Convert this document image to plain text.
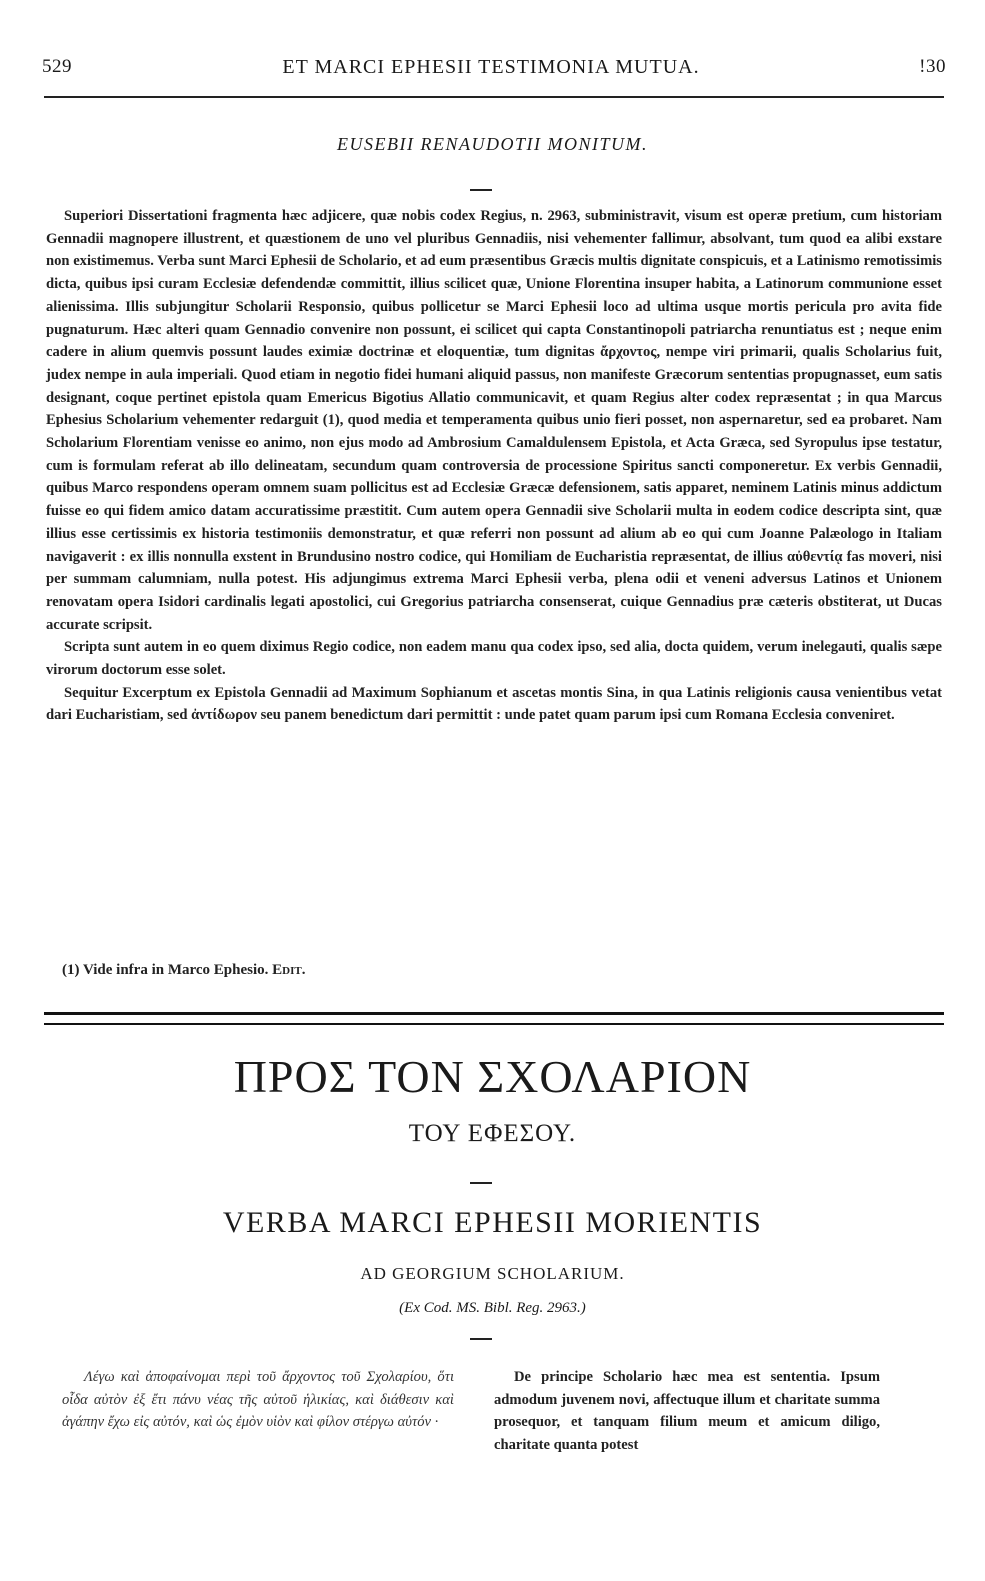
529	ET MARCI EPHESII TESTIMONIA MUTUA.	!30
EUSEBII RENAUDOTII MONITUM.

Superiori Dissertationi fragmenta hæc adjicere, quæ nobis codex Regius, n. 2963, subministravit, visum est operæ pretium, cum historiam Gennadii magnopere illustrent, et quæstionem de uno vel pluribus Gennadiis, nisi vehementer fallimur, absolvant, tum quod ea alibi exstare non existimemus. Verba sunt Marci Ephesii de Scholario, et ad eum præsentibus Græcis multis dignitate conspicuis, et a Latinismo remotissimis dicta, quibus ipsi curam Ecclesiæ defendendæ committit, illius scilicet quæ, Unione Florentina insuper habita, a Latinorum communione esset alienissima. Illis subjungitur Scholarii Responsio, quibus pollicetur se Marci Ephesii loco ad ultima usque mortis pericula pro avita fide pugnaturum. Hæc alteri quam Gennadio convenire non possunt, ei scilicet qui capta Constantinopoli patriarcha renuntiatus est ; neque enim cadere in alium quemvis possunt laudes eximiæ doctrinæ et eloquentiæ, tum dignitas ἄρχοντος, nempe viri primarii, qualis Scholarius fuit, judex nempe in aula imperiali. Quod etiam in negotio fidei humani aliquid passus, non manifeste Græcorum sententias propugnasset, eum satis designant, coque pertinet epistola quam Emericus Bigotius Allatio communicavit, et quam Regius alter codex repræsentat ; in qua Marcus Ephesius Scholarium vehementer redarguit (1), quod media et temperamenta quibus unio fieri posset, non aspernaretur, sed ea probaret. Nam Scholarium Florentiam venisse eo animo, non ejus modo ad Ambrosium Camaldulensem Epistola, et Acta Græca, sed Syropulus ipse testatur, cum is formulam referat ab illo delineatam, secundum quam controversia de processione Spiritus sancti componeretur. Ex verbis Gennadii, quibus Marco respondens operam omnem suam pollicitus est ad Ecclesiæ Græcæ defensionem, satis apparet, neminem Latinis minus addictum fuisse eo qui fidem amico datam accuratissime præstitit. Cum autem opera Gennadii sive Scholarii multa in eodem codice descripta sint, quæ illius esse certissimis ex historia testimoniis demonstratur, et quæ referri non possunt ad alium ab eo qui cum Joanne Palæologo in Italiam navigaverit : ex illis nonnulla exstent in Brundusino nostro codice, qui Homiliam de Eucharistia repræsentat, de illius αὐθεντίᾳ fas moveri, nisi per summam calumniam, nulla potest. His adjungimus extrema Marci Ephesii verba, plena odii et veneni adversus Latinos et Unionem renovatam opera Isidori cardinalis legati apostolici, cui Gregorius patriarcha consenserat, cuique Gennadius præ cæteris obstiterat, ut Ducas accurate scripsit.

Scripta sunt autem in eo quem diximus Regio codice, non eadem manu qua codex ipso, sed alia, docta quidem, verum inelegauti, qualis sæpe virorum doctorum esse solet.

Sequitur Excerptum ex Epistola Gennadii ad Maximum Sophianum et ascetas montis Sina, in qua Latinis religionis causa venientibus vetat dari Eucharistiam, sed ἀντίδωρον seu panem benedictum dari permittit : unde patet quam parum ipsi cum Romana Ecclesia conveniret.

(1) Vide infra in Marco Ephesio. Edit.
ΠΡΟΣ ΤΟΝ ΣΧΟΛΑΡΙΟΝ
ΤΟΥ ΕΦΕΣΟΥ.
VERBA MARCI EPHESII MORIENTIS
AD GEORGIUM SCHOLARIUM.
(Ex Cod. MS. Bibl. Reg. 2963.)
Λέγω καὶ ἀποφαίνομαι περὶ τοῦ ἄρχοντος τοῦ Σχολαρίου, ὅτι οἶδα αὐτὸν ἐξ ἔτι πάνυ νέας τῆς αὐτοῦ ἡλικίας, καὶ διάθεσιν καὶ ἀγάπην ἔχω εἰς αὐτόν, καὶ ὡς ἐμὸν υἱὸν καὶ φίλον στέργω αὐτόν ·
De principe Scholario hæc mea est sententia. Ipsum admodum juvenem novi, affectuque illum et charitate summa prosequor, et tanquam filium meum et amicum diligo, charitate quanta potest
